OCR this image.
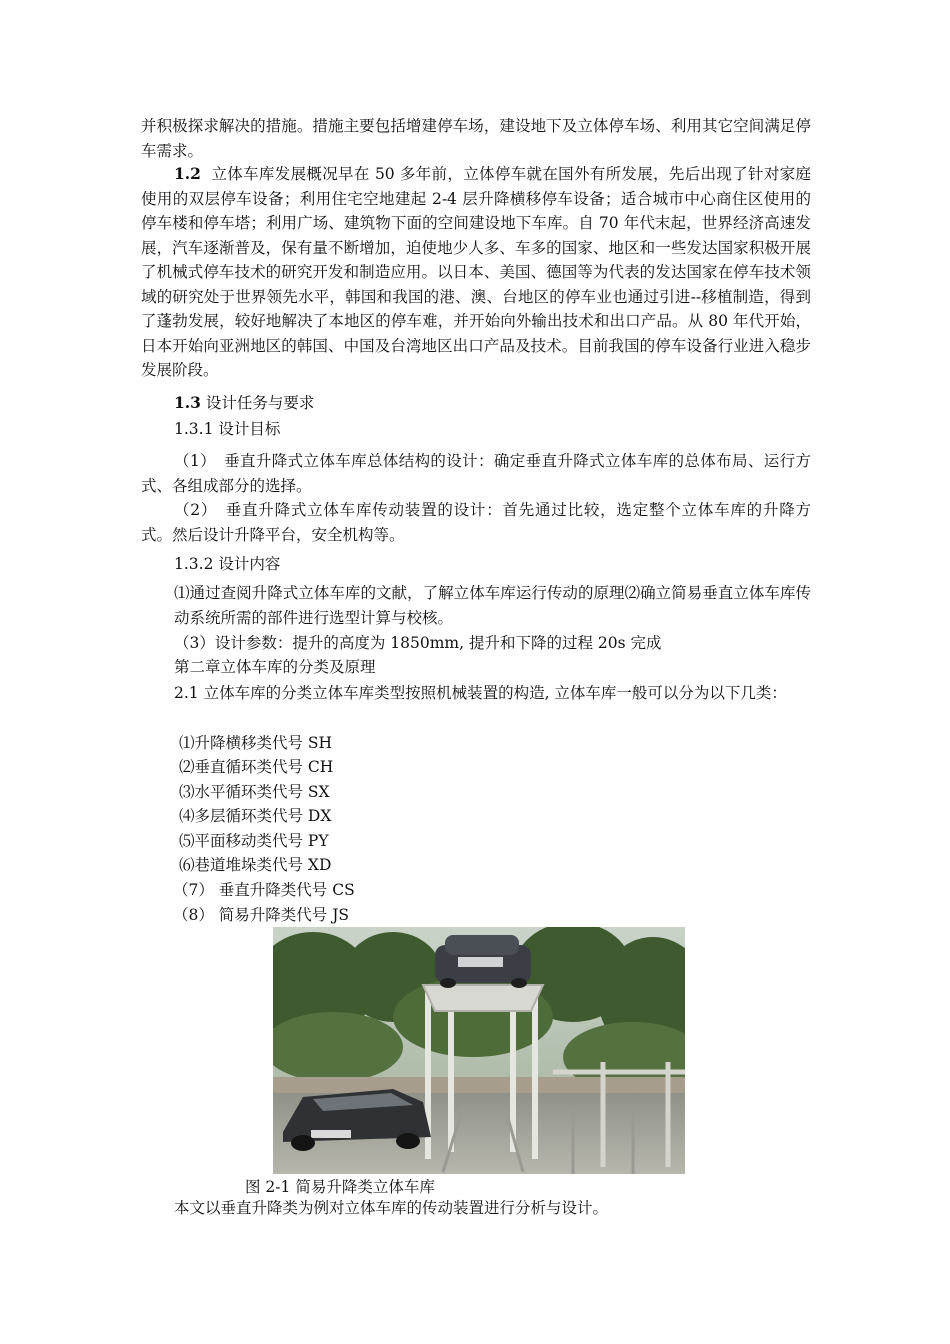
并积极探求解决的措施。措施主要包括增建停车场，建设地下及立体停车场、利用其它空间满足停车需求。

1.2 立体车库发展概况早在 50 多年前，立体停车就在国外有所发展，先后出现了针对家庭使用的双层停车设备；利用住宅空地建起 2-4 层升降横移停车设备；适合城市中心商住区使用的停车楼和停车塔；利用广场、建筑物下面的空间建设地下车库。自 70 年代末起，世界经济高速发展，汽车逐渐普及，保有量不断增加，迫使地少人多、车多的国家、地区和一些发达国家积极开展了机械式停车技术的研究开发和制造应用。以日本、美国、德国等为代表的发达国家在停车技术领域的研究处于世界领先水平，韩国和我国的港、澳、台地区的停车业也通过引进--移植制造，得到了蓬勃发展，较好地解决了本地区的停车难，并开始向外输出技术和出口产品。从 80 年代开始，日本开始向亚洲地区的韩国、中国及台湾地区出口产品及技术。目前我国的停车设备行业进入稳步发展阶段。

1.3 设计任务与要求

1.3.1 设计目标

（1）　垂直升降式立体车库总体结构的设计：确定垂直升降式立体车库的总体布局、运行方式、各组成部分的选择。

（2）　垂直升降式立体车库传动装置的设计：首先通过比较，选定整个立体车库的升降方式。然后设计升降平台，安全机构等。

1.3.2 设计内容

⑴通过查阅升降式立体车库的文献，了解立体车库运行传动的原理⑵确立简易垂直立体车库传动系统所需的部件进行选型计算与校核。

（3）设计参数：提升的高度为 1850mm, 提升和下降的过程 20s 完成

第二章立体车库的分类及原理

2.1 立体车库的分类立体车库类型按照机械装置的构造, 立体车库一般可以分为以下几类：

⑴升降横移类代号 SH

⑵垂直循环类代号 CH

⑶水平循环类代号 SX

⑷多层循环类代号 DX

⑸平面移动类代号 PY

⑹巷道堆垛类代号 XD

（7） 垂直升降类代号 CS

（8） 简易升降类代号 JS

图 2-1 简易升降类立体车库

本文以垂直升降类为例对立体车库的传动装置进行分析与设计。
